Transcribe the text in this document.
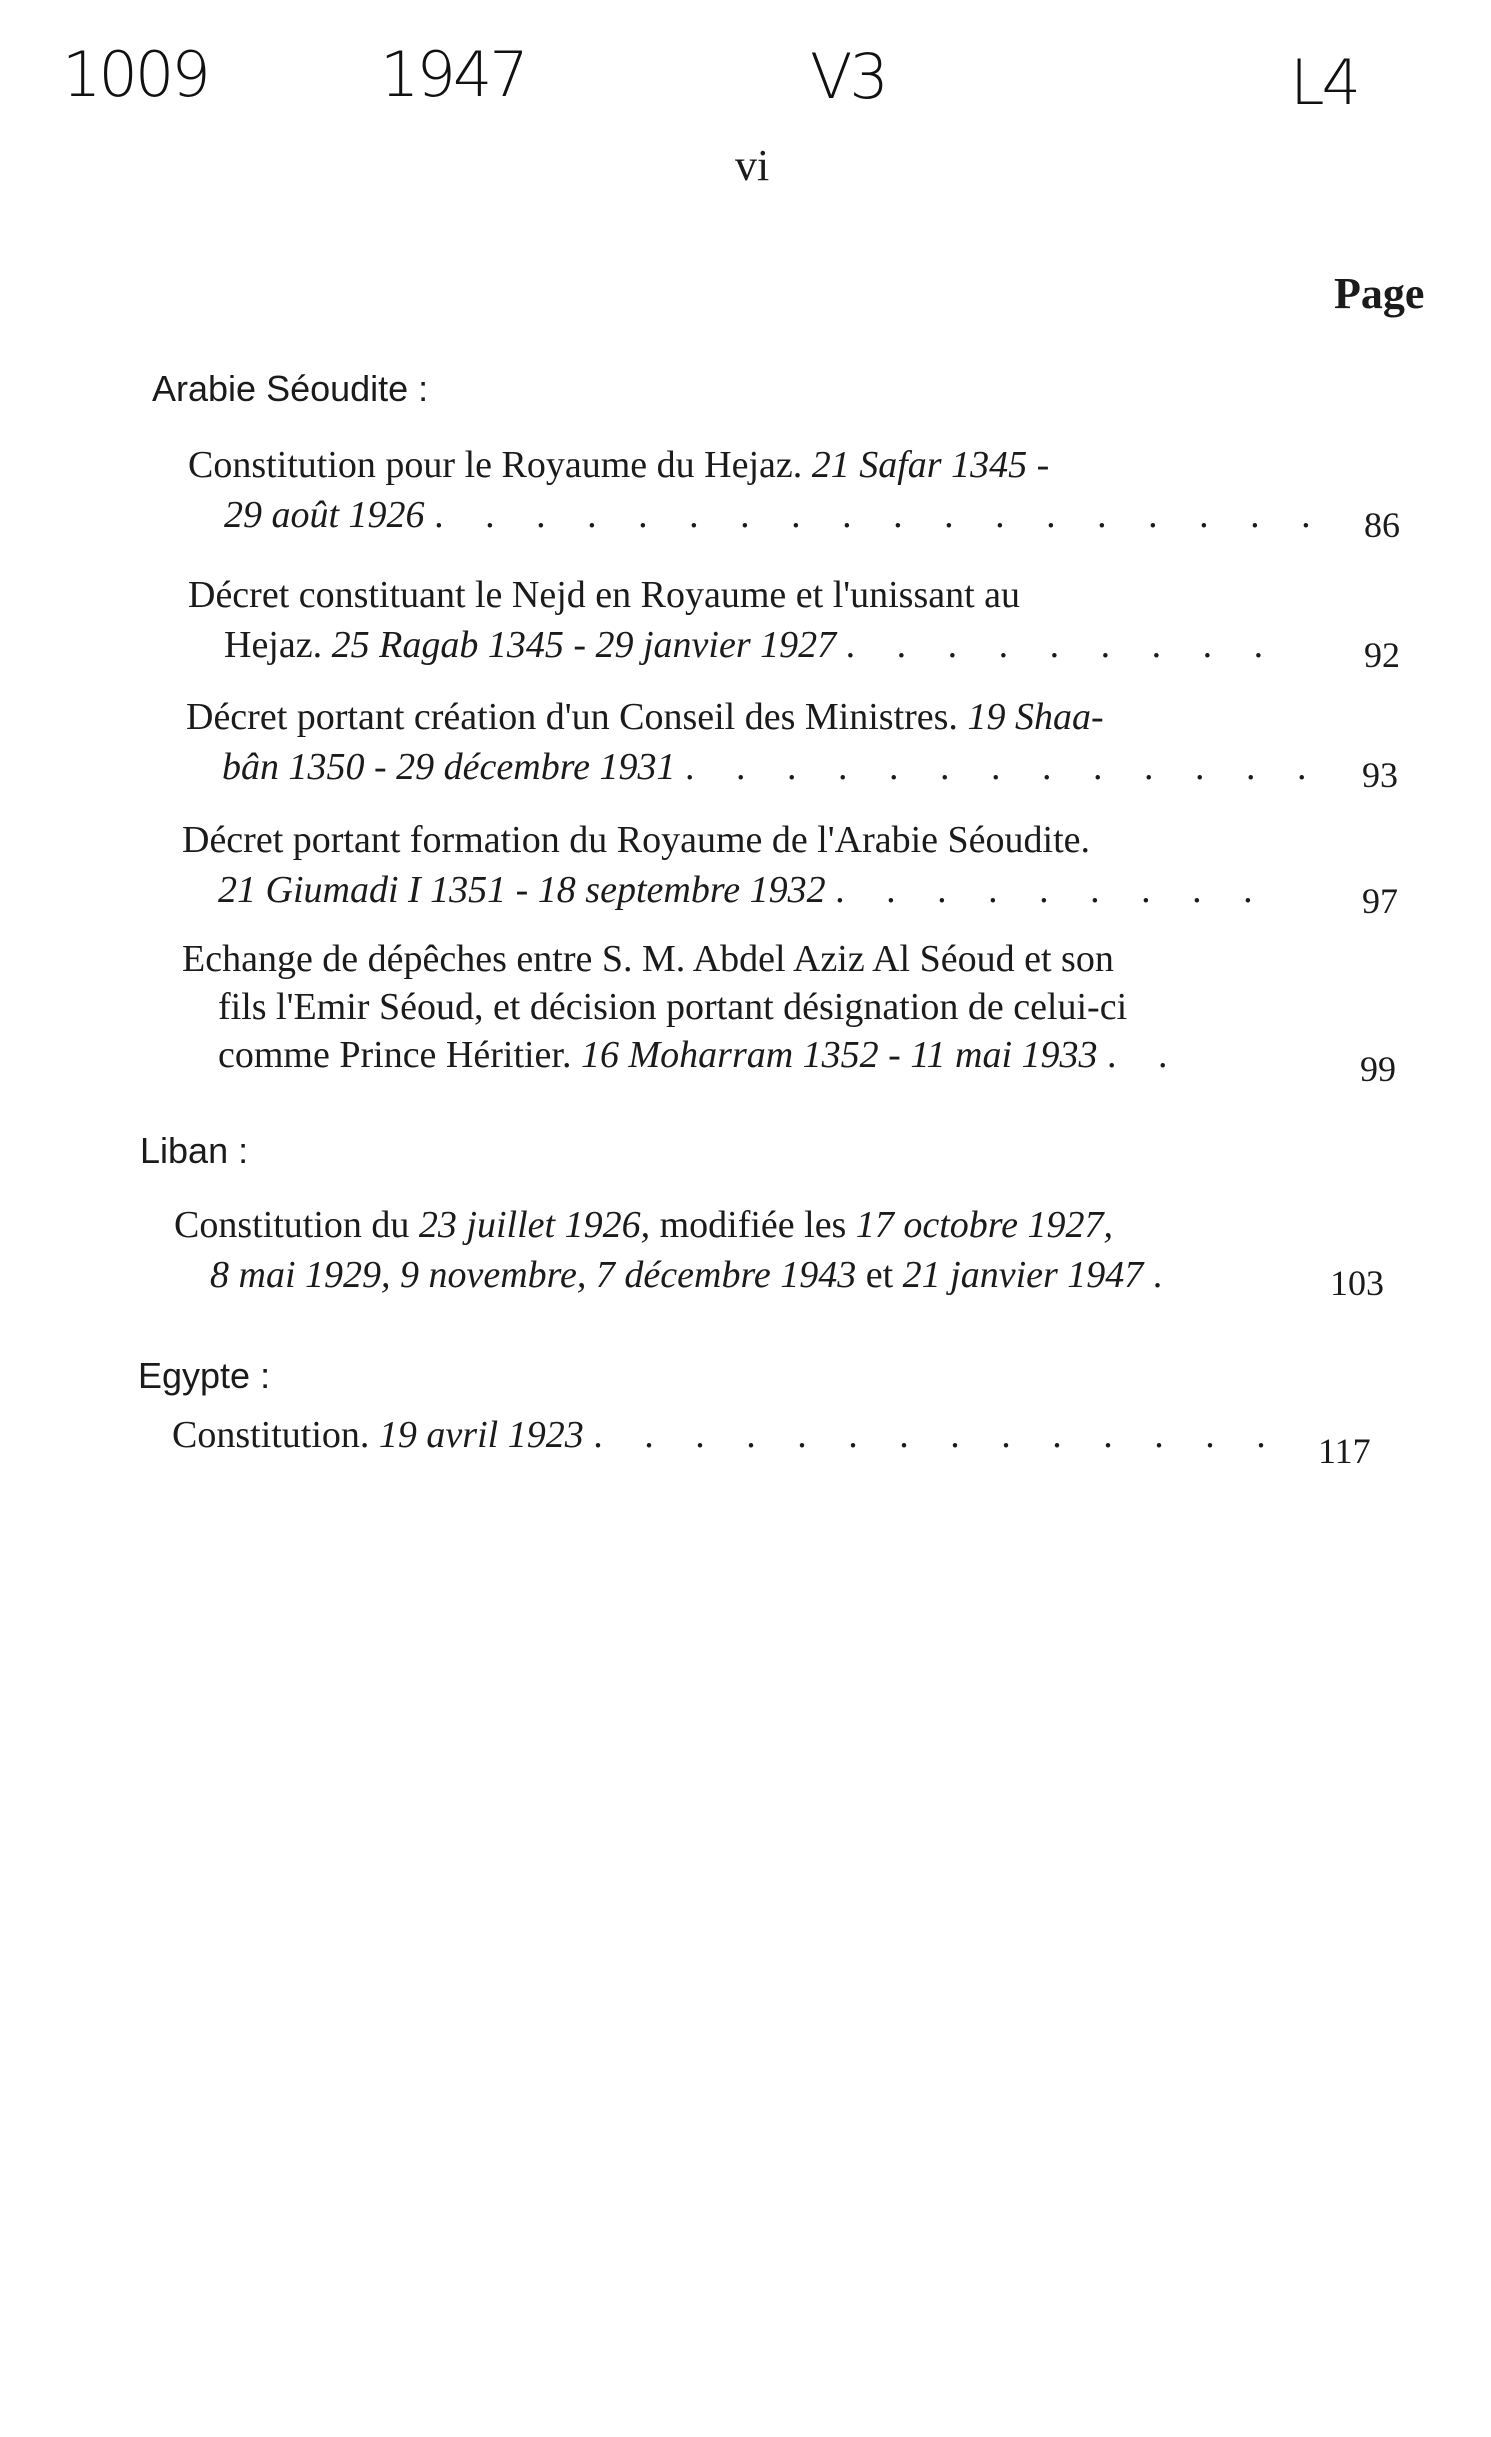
1009	1947	V3	L4
vi
Page
Arabie Séoudite :
Constitution pour le Royaume du Hejaz. 21 Safar 1345 -
29 août 1926 . . . . . . . . . . . . . . . . . . 86
Décret constituant le Nejd en Royaume et l'unissant au
Hejaz. 25 Ragab 1345 - 29 janvier 1927 . . . . . . . . . 92
Décret portant création d'un Conseil des Ministres. 19 Shaa-
bân 1350 - 29 décembre 1931 . . . . . . . . . . . . . 93
Décret portant formation du Royaume de l'Arabie Séoudite.
21 Giumadi I 1351 - 18 septembre 1932 . . . . . . . . .	97
Echange de dépêches entre S. M. Abdel Aziz Al Séoud et son
fils l'Emir Séoud, et décision portant désignation de celui-ci
comme Prince Héritier. 16 Moharram 1352 - 11 mai 1933 . .	99
Liban :
Constitution du 23 juillet 1926, modifiée les 17 octobre 1927,
8 mai 1929, 9 novembre, 7 décembre 1943 et 21 janvier 1947 .	103
Egypte :
Constitution. 19 avril 1923 . . . . . . . . . . . . . .	117
